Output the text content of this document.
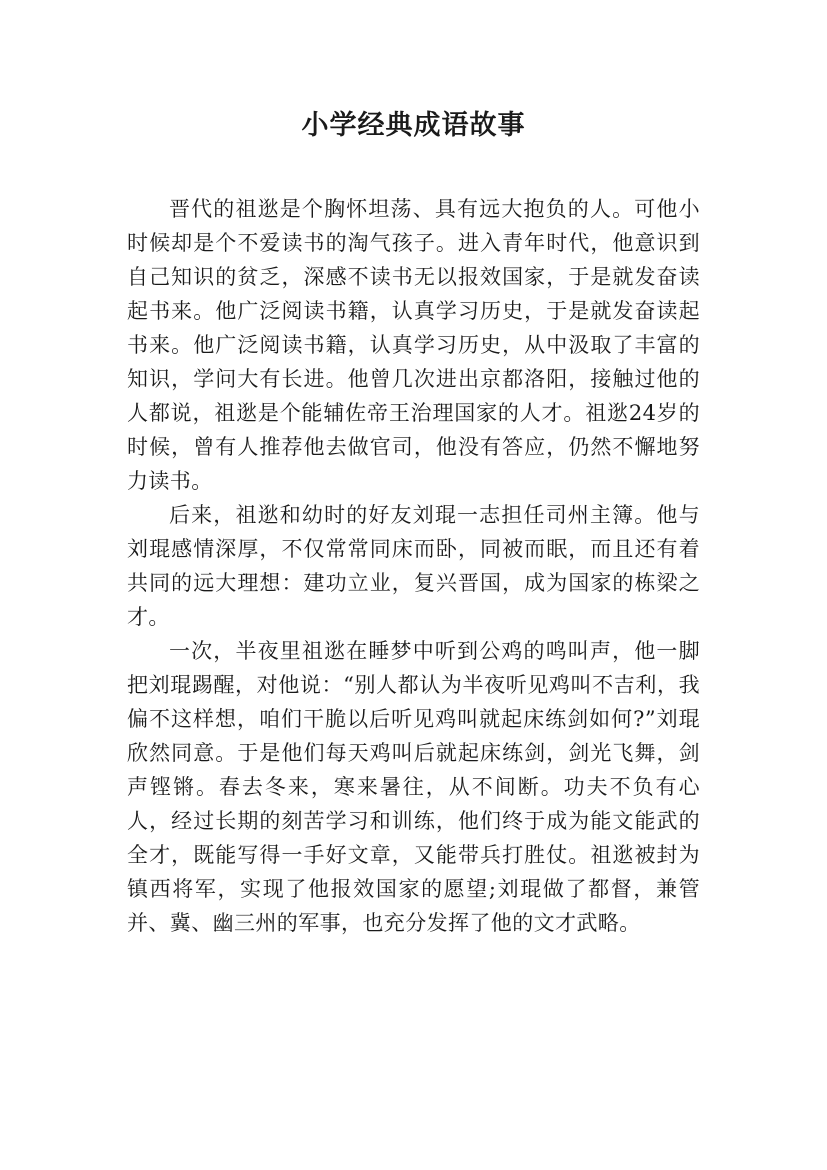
小学经典成语故事

晋代的祖逖是个胸怀坦荡、具有远大抱负的人。可他小时候却是个不爱读书的淘气孩子。进入青年时代，他意识到自己知识的贫乏，深感不读书无以报效国家，于是就发奋读起书来。他广泛阅读书籍，认真学习历史，于是就发奋读起书来。他广泛阅读书籍，认真学习历史，从中汲取了丰富的知识，学问大有长进。他曾几次进出京都洛阳，接触过他的人都说，祖逖是个能辅佐帝王治理国家的人才。祖逖24岁的时候，曾有人推荐他去做官司，他没有答应，仍然不懈地努力读书。

后来，祖逖和幼时的好友刘琨一志担任司州主簿。他与刘琨感情深厚，不仅常常同床而卧，同被而眠，而且还有着共同的远大理想：建功立业，复兴晋国，成为国家的栋梁之才。

一次，半夜里祖逖在睡梦中听到公鸡的鸣叫声，他一脚把刘琨踢醒，对他说：“别人都认为半夜听见鸡叫不吉利，我偏不这样想，咱们干脆以后听见鸡叫就起床练剑如何?”刘琨欣然同意。于是他们每天鸡叫后就起床练剑，剑光飞舞，剑声铿锵。春去冬来，寒来暑往，从不间断。功夫不负有心人，经过长期的刻苦学习和训练，他们终于成为能文能武的全才，既能写得一手好文章，又能带兵打胜仗。祖逖被封为镇西将军，实现了他报效国家的愿望;刘琨做了都督，兼管并、冀、幽三州的军事，也充分发挥了他的文才武略。
